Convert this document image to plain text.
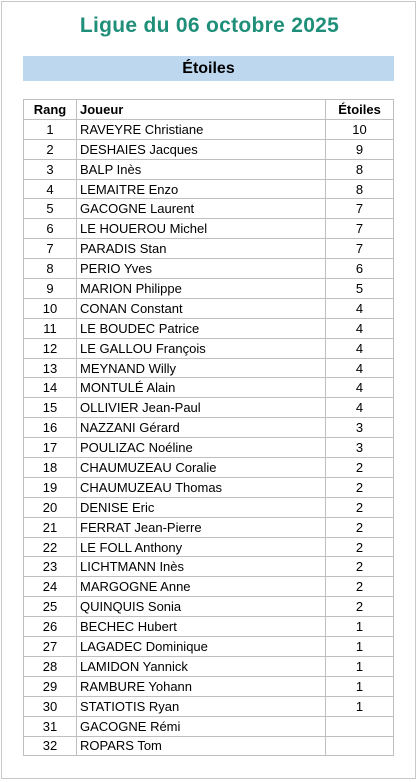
Ligue du 06 octobre 2025
Étoiles
Rang	Joueur	Étoiles
1	RAVEYRE Christiane	10
2	DESHAIES Jacques	9
3	BALP Inès	8
4	LEMAITRE Enzo	8
5	GACOGNE Laurent	7
6	LE HOUEROU Michel	7
7	PARADIS Stan	7
8	PERIO Yves	6
9	MARION Philippe	5
10	CONAN Constant	4
11	LE BOUDEC Patrice	4
12	LE GALLOU François	4
13	MEYNAND Willy	4
14	MONTULÉ Alain	4
15	OLLIVIER Jean-Paul	4
16	NAZZANI Gérard	3
17	POULIZAC Noéline	3
18	CHAUMUZEAU Coralie	2
19	CHAUMUZEAU Thomas	2
20	DENISE Eric	2
21	FERRAT Jean-Pierre	2
22	LE FOLL Anthony	2
23	LICHTMANN Inès	2
24	MARGOGNE Anne	2
25	QUINQUIS Sonia	2
26	BECHEC Hubert	1
27	LAGADEC Dominique	1
28	LAMIDON Yannick	1
29	RAMBURE Yohann	1
30	STATIOTIS Ryan	1
31	GACOGNE Rémi	
32	ROPARS Tom	
